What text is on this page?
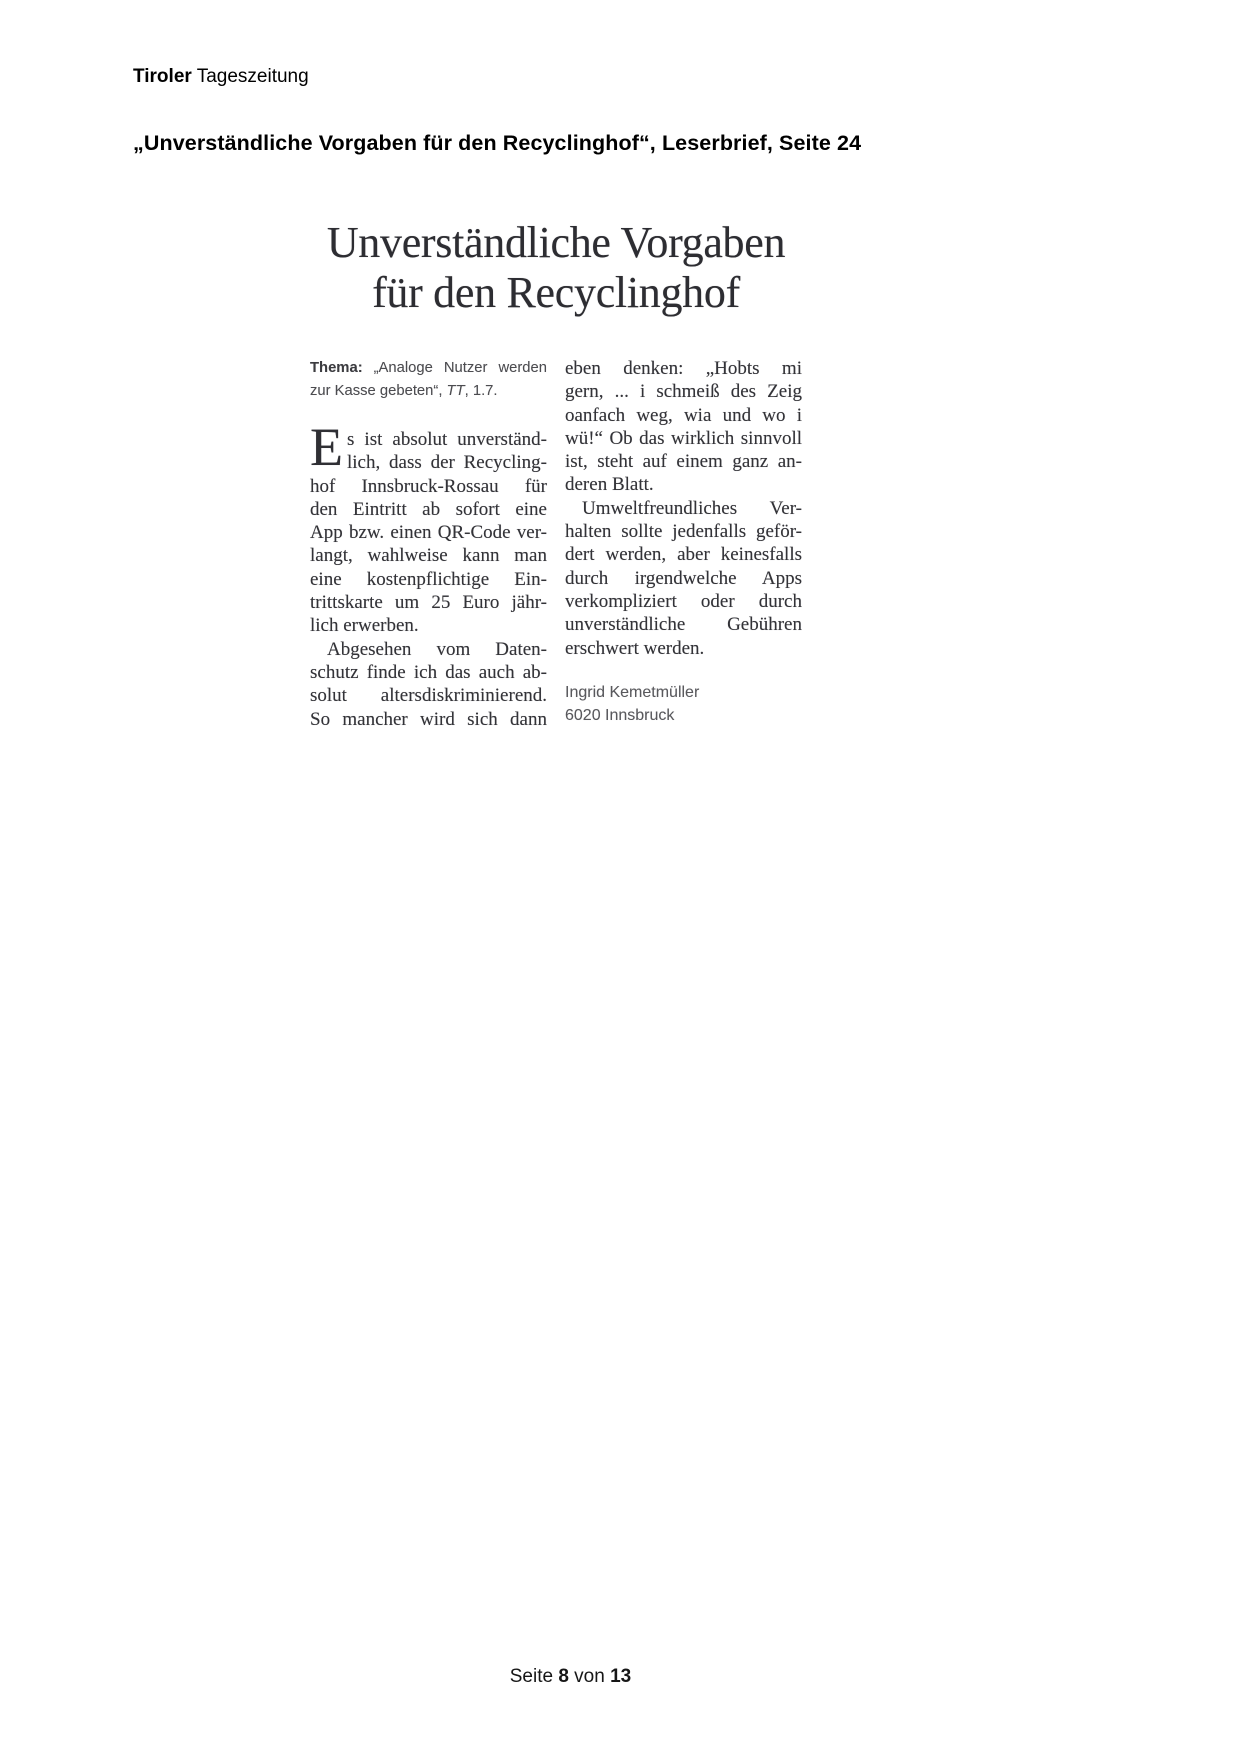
Tiroler Tageszeitung
„Unverständliche Vorgaben für den Recyclinghof“, Leserbrief, Seite 24
Unverständliche Vorgaben
für den Recyclinghof
Thema: „Analoge Nutzer werden
zur Kasse gebeten“, TT, 1.7.
E s ist absolut unverständ-
lich, dass der Recycling-
hof Innsbruck-Rossau für
den Eintritt ab sofort eine
App bzw. einen QR-Code ver-
langt, wahlweise kann man
eine kostenpflichtige Ein-
trittskarte um 25 Euro jähr-
lich erwerben.
Abgesehen vom Daten-
schutz finde ich das auch ab-
solut altersdiskriminierend.
So mancher wird sich dann
eben denken: „Hobts mi
gern, ... i schmeiß des Zeig
oanfach weg, wia und wo i
wü!“ Ob das wirklich sinnvoll
ist, steht auf einem ganz an-
deren Blatt.
Umweltfreundliches Ver-
halten sollte jedenfalls geför-
dert werden, aber keinesfalls
durch irgendwelche Apps
verkompliziert oder durch
unverständliche Gebühren
erschwert werden.
Ingrid Kemetmüller
6020 Innsbruck
Seite 8 von 13
